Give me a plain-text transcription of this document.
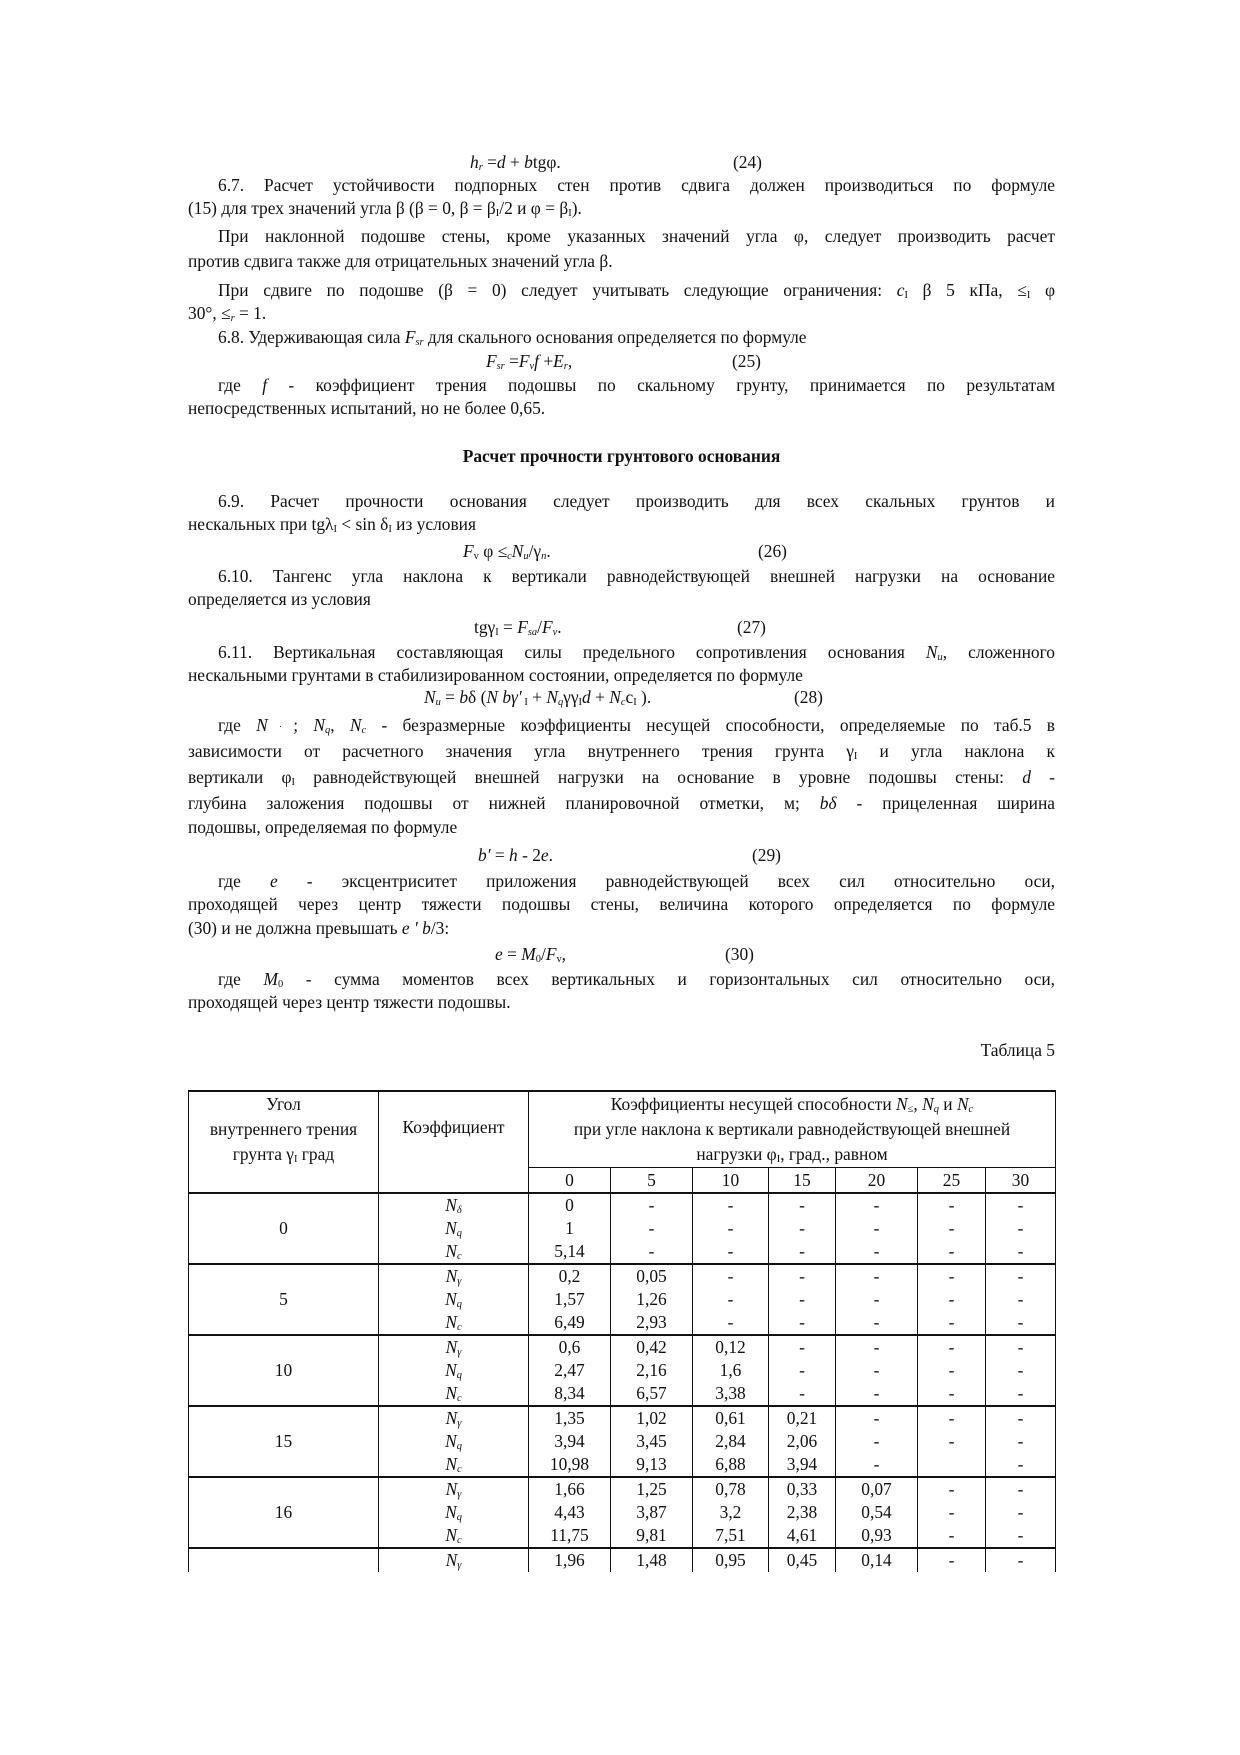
$h_r =d + btg\varphi$.	(24)
6.7. Расчет устойчивости подпорных стен против сдвига должен производиться по формуле
(15) для трех значений угла β (β = 0, $\beta = \beta_I/2$ и $\varphi = \beta_I$).
При наклонной подошве стены, кроме указанных значений угла φ, следует производить расчет
против сдвига также для отрицательных значений угла β.
При сдвиге по подошве (β = 0) следует учитывать следующие ограничения: $c_I$ β 5 кПа, $\le_I$ φ
30°, $\le_r = 1$.
6.8. Удерживающая сила $F_{sr}$ для скального основания определяется по формуле
$F_{sr} =F_vf +E_r$,	(25)
где f - коэффициент трения подошвы по скальному грунту, принимается по результатам
непосредственных испытаний, но не более 0,65.
Расчет прочности грунтового основания
6.9. Расчет прочности основания следует производить для всех скальных грунтов и
нескальных при $tg\lambda_I < \sin \delta_I$ из условия
$F_v$ $\varphi \le_cN_u/\gamma_n$.	(26)
6.10. Тангенс угла наклона к вертикали равнодействующей внешней нагрузки на основание
определяется из условия
$tg\gamma_I = F_{sa}/F_v$.	(27)
6.11. Вертикальная составляющая силы предельного сопротивления основания $N_u$, сложенного
нескальными грунтами в стабилизированном состоянии, определяется по формуле
$N_u = b\delta$ (N bγ′ $_I + N_q\gamma\gamma_Id + N_cc_I$ ).	(28)
где $N_˙$; $N_q$, $N_c$ - безразмерные коэффициенты несущей способности, определяемые по таб.5 в
зависимости от расчетного значения угла внутреннего трения грунта $\gamma_I$ и угла наклона к
вертикали $\varphi_I$ равнодействующей внешней нагрузки на основание в уровне подошвы стены: d -
глубина заложения подошвы от нижней планировочной отметки, м; bδ - прицеленная ширина
подошвы, определяемая по формуле
b′ = h - 2e.	(29)
где e - эксцентриситет приложения равнодействующей всех сил относительно оси,
проходящей через центр тяжести подошвы стены, величина которого определяется по формуле
(30) и не должна превышать e ′ b/3:
$e = M_0/F_v$,	(30)
где $M_0$ - сумма моментов всех вертикальных и горизонтальных сил относительно оси,
проходящей через центр тяжести подошвы.
Таблица 5
Угол
внутреннего трения
грунта $\gamma_I$ град
	Коэффициент	
Коэффициенты несущей способности $N_\le$, $N_q$ и $N_c$
при угле наклона к вертикали равнодействующей внешней
нагрузки $\varphi_I$, град., равном

		0	5	10	15	20	25	30
0	$N_\delta$	0	-	-	-	-	-	-
	$N_q$	1	-	-	-	-	-	-
	$N_c$	5,14	-	-	-	-	-	-
5	$N_\gamma$	0,2	0,05	-	-	-	-	-
	$N_q$	1,57	1,26	-	-	-	-	-
	$N_c$	6,49	2,93	-	-	-	-	-
10	$N_\gamma$	0,6	0,42	0,12	-	-	-	-
	$N_q$	2,47	2,16	1,6	-	-	-	-
	$N_c$	8,34	6,57	3,38	-	-	-	-
15	$N_\gamma$	1,35	1,02	0,61	0,21	-	-	-
	$N_q$	3,94	3,45	2,84	2,06	-	-	-
	$N_c$	10,98	9,13	6,88	3,94	-		-
16	$N_\gamma$	1,66	1,25	0,78	0,33	0,07	-	-
	$N_q$	4,43	3,87	3,2	2,38	0,54	-	-
	$N_c$	11,75	9,81	7,51	4,61	0,93	-	-
	$N_\gamma$	1,96	1,48	0,95	0,45	0,14	-	-
